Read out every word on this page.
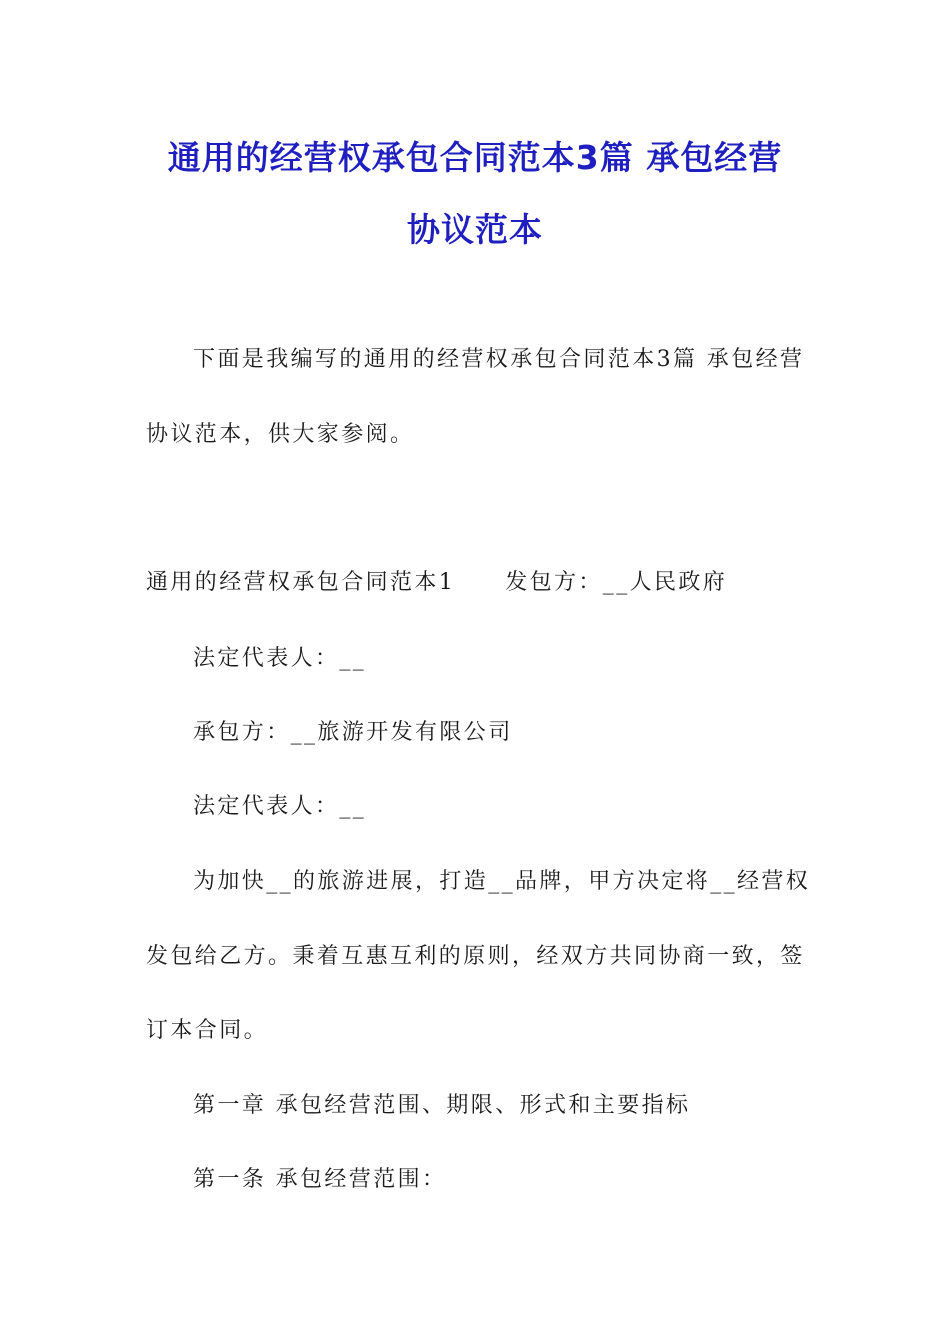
通用的经营权承包合同范本3篇 承包经营
协议范本
下面是我编写的通用的经营权承包合同范本3篇 承包经营
协议范本，供大家参阅。
通用的经营权承包合同范本1 发包方：__人民政府
法定代表人：__
承包方：__旅游开发有限公司
法定代表人：__
为加快__的旅游进展，打造__品牌，甲方决定将__经营权
发包给乙方。秉着互惠互利的原则，经双方共同协商一致，签
订本合同。
第一章 承包经营范围、期限、形式和主要指标
第一条 承包经营范围：
